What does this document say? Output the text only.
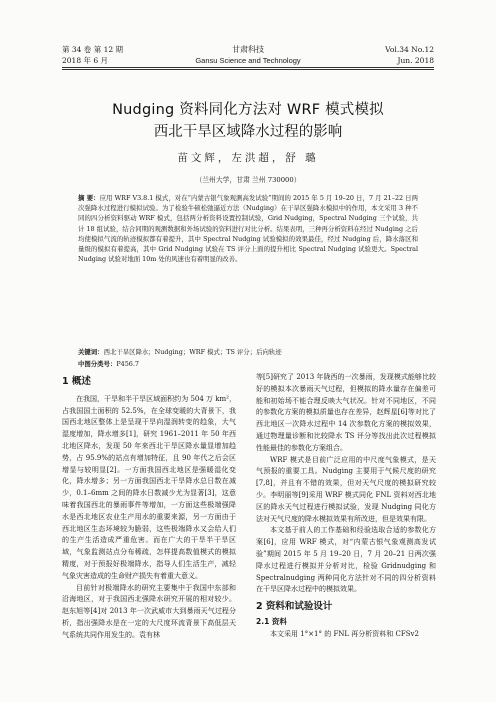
第 34 卷 第 12 期
2018 年 6 月
甘肃科技
Gansu Science and Technology
Vol.34 No.12
Jun. 2018
Nudging 资料同化方法对 WRF 模式模拟
西北干旱区域降水过程的影响
苗文辉，左洪超，舒 璐
（兰州大学，甘肃 兰州 730000）
摘 要：应用 WRF V3.8.1 模式，对在“内蒙古银气象观测高发试验”期间的 2015 年 5 月 19–20 日，7 月 21–22 日两次强降水过程进行模拟试验。为了检验牛顿松弛逼近方法（Nudging）在干旱区强降水模拟中的作用，本文采用 3 种不同的四分析资料驱动 WRF 模式，包括两分析资料设置控制试验，Grid Nudging，Spectral Nudging 三个试验，共计 18 组试验，结合同期的观测数据和外场试验的资料进行对比分析。结果表明，三种再分析资料在经过 Nudging 之后均使模拟气流的轨迹模拟都有着提升，其中 Spectral Nudging 试验模拟的效果最佳，经过 Nudging 后，降水落区和量级的模拟有着提高，其中 Grid Nudging 试验在 TS 评分上面的提升相比 Spectral Nudging 试验更大。Spectral Nudging 试验对地面 10m 处的风速也有着明显的改善。
关键词：西北干旱区降水；Nudging；WRF 模式；TS 评分；后向轨迹
中图分类号：P456.7
1 概述

在我国，干旱和半干旱区域面积约为 504 万 km²，占我国国土面积的 52.5%，在全球变暖的大背景下，我国西北地区整体上是呈现干旱向湿润转变的趋象，大气湿度增加，降水增多[1]，研究 1961–2011 年 50 年西北地区降水，发现 50 年来西北干旱区降水量显增加趋势，占 95.9%的站点有增加特征，且 90 年代之后会区增显与较明显[2]。一方面我国西北地区是强暖湿化变化，降水增多；另一方面我国西北干旱降水总日数在减少，0.1–6mm 之间的降水日数减少尤为显著[3]，这意味着我国西北的暴雨事件等增加，一方面这些极端强降水是西北地区农业生产用水的重要来源，另一方面由于西北地区生态环境较为脆弱，这些极端降水又会给人们的生产生活造成严重危害。而在广大的干旱半干旱区域，气象监测站点分布稀疏，怎样提高数值模式的模拟精度，对于预报好极端降水，指导人们生活生产，减轻气象灾害造成的生命财产损失有着重大意义。

目前针对极端降水的研究主要集中于我国中东部和沿海地区，对于我国西北强降水研究开展的相对较少。赵东旭等[4]对 2013 年一次武威市大到暴雨天气过程分析，指出强降水是在一定的大尺度环流背景下高低层天气系统共同作用发生的。袁有林

等[5]研究了 2013 年陇西的一次暴雨，发现模式能够比较好的模拟本次暴雨天气过程，但模拟的降水量存在偏差可能和初始场不能合理反映大气状况。针对不同地区，不同的参数化方案的模拟质量也存在差异，赵辉星[6]等对比了西北地区一次降水过程中 14 次参数化方案的模拟效果，通过物理量诊断和比较降水 TS 评分等找出此次过程模拟性能最佳的参数化方案组合。

WRF 模式是目前广泛应用的中尺度气象模式，是天气预报的重要工具。Nudging 主要用于气候尺度的研究[7,8]，并且有不错的效果，但对天气尺度的模拟研究较少。李明丽等[9]采用 WRF 模式同化 FNL 资料对西北地区的降水天气过程进行模拟试验，发现 Nudging 同化方法对天气尺度的降水模拟效果有所改进，但是效果有限。

本文基于前人的工作基础和经验选取合适的参数化方案[6]，应用 WRF 模式，对“内蒙古银气象观测高发试验”期间 2015 年 5 月 19–20 日，7 月 20–21 日两次强降水过程进行模拟并分析对比，检验 Gridnudging 和 Spectralnudging 两种同化方法针对不同的四分析资料在干旱区降水过程中的模拟效果。

2 资料和试验设计
2.1 资料

本文采用 1°×1° 的 FNL 再分析资料和 CFSv2
